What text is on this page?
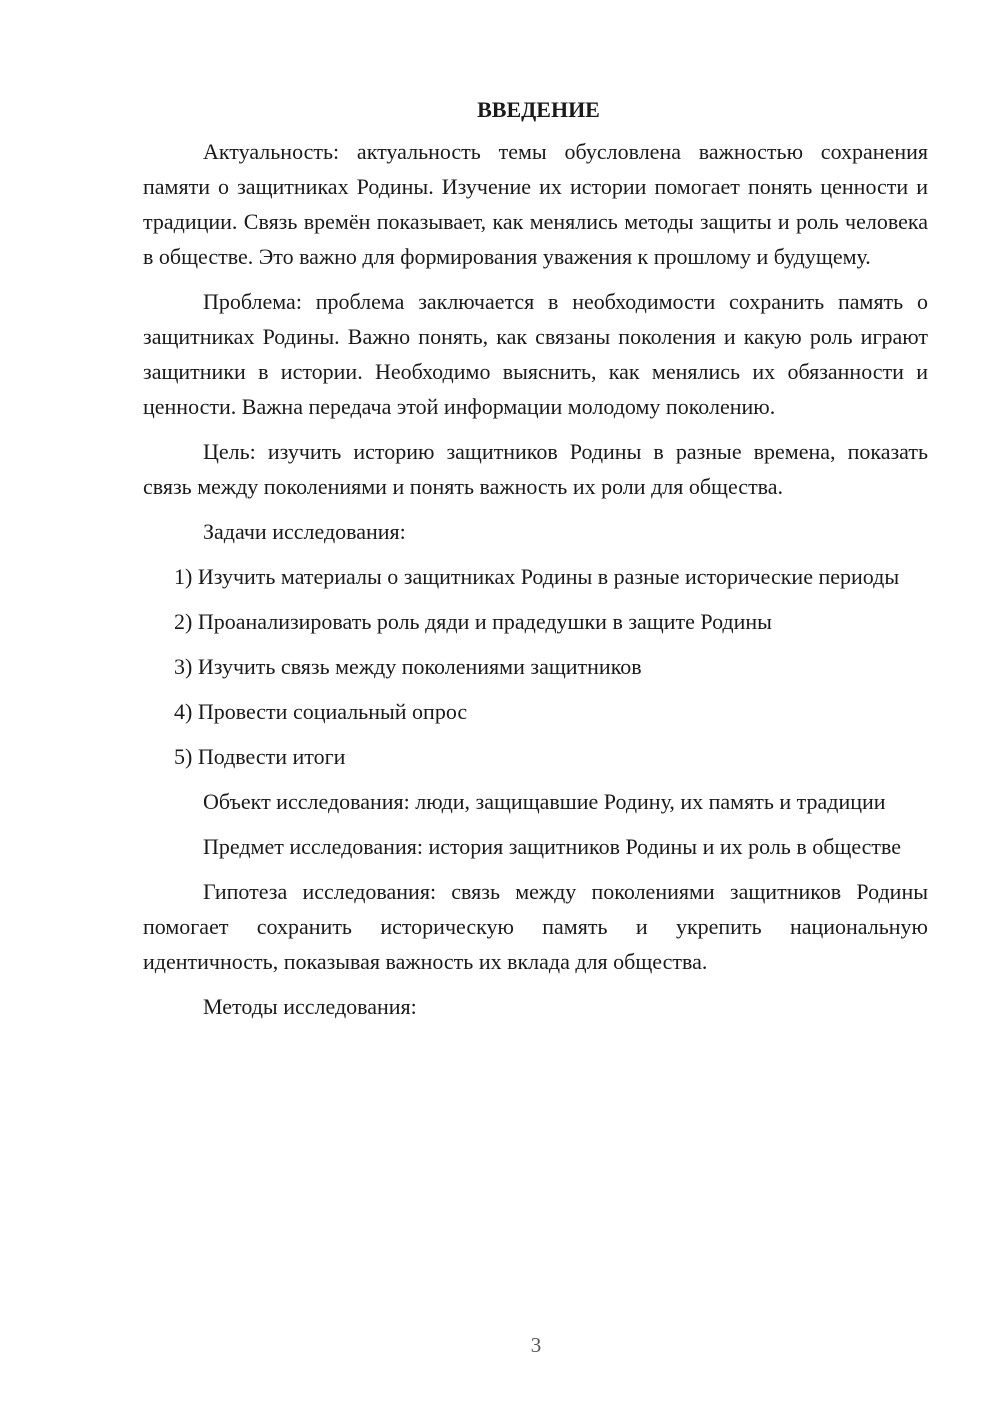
ВВЕДЕНИЕ

Актуальность: актуальность темы обусловлена важностью сохранения памяти о защитниках Родины. Изучение их истории помогает понять ценности и традиции. Связь времён показывает, как менялись методы защиты и роль человека в обществе. Это важно для формирования уважения к прошлому и будущему.

Проблема: проблема заключается в необходимости сохранить память о защитниках Родины. Важно понять, как связаны поколения и какую роль играют защитники в истории. Необходимо выяснить, как менялись их обязанности и ценности. Важна передача этой информации молодому поколению.

Цель: изучить историю защитников Родины в разные времена, показать связь между поколениями и понять важность их роли для общества.

Задачи исследования:

1) Изучить материалы о защитниках Родины в разные исторические периоды

2) Проанализировать роль дяди и прадедушки в защите Родины

3) Изучить связь между поколениями защитников

4) Провести социальный опрос

5) Подвести итоги

Объект исследования: люди, защищавшие Родину, их память и традиции

Предмет исследования: история защитников Родины и их роль в обществе

Гипотеза исследования: связь между поколениями защитников Родины помогает сохранить историческую память и укрепить национальную идентичность, показывая важность их вклада для общества.

Методы исследования:

3
